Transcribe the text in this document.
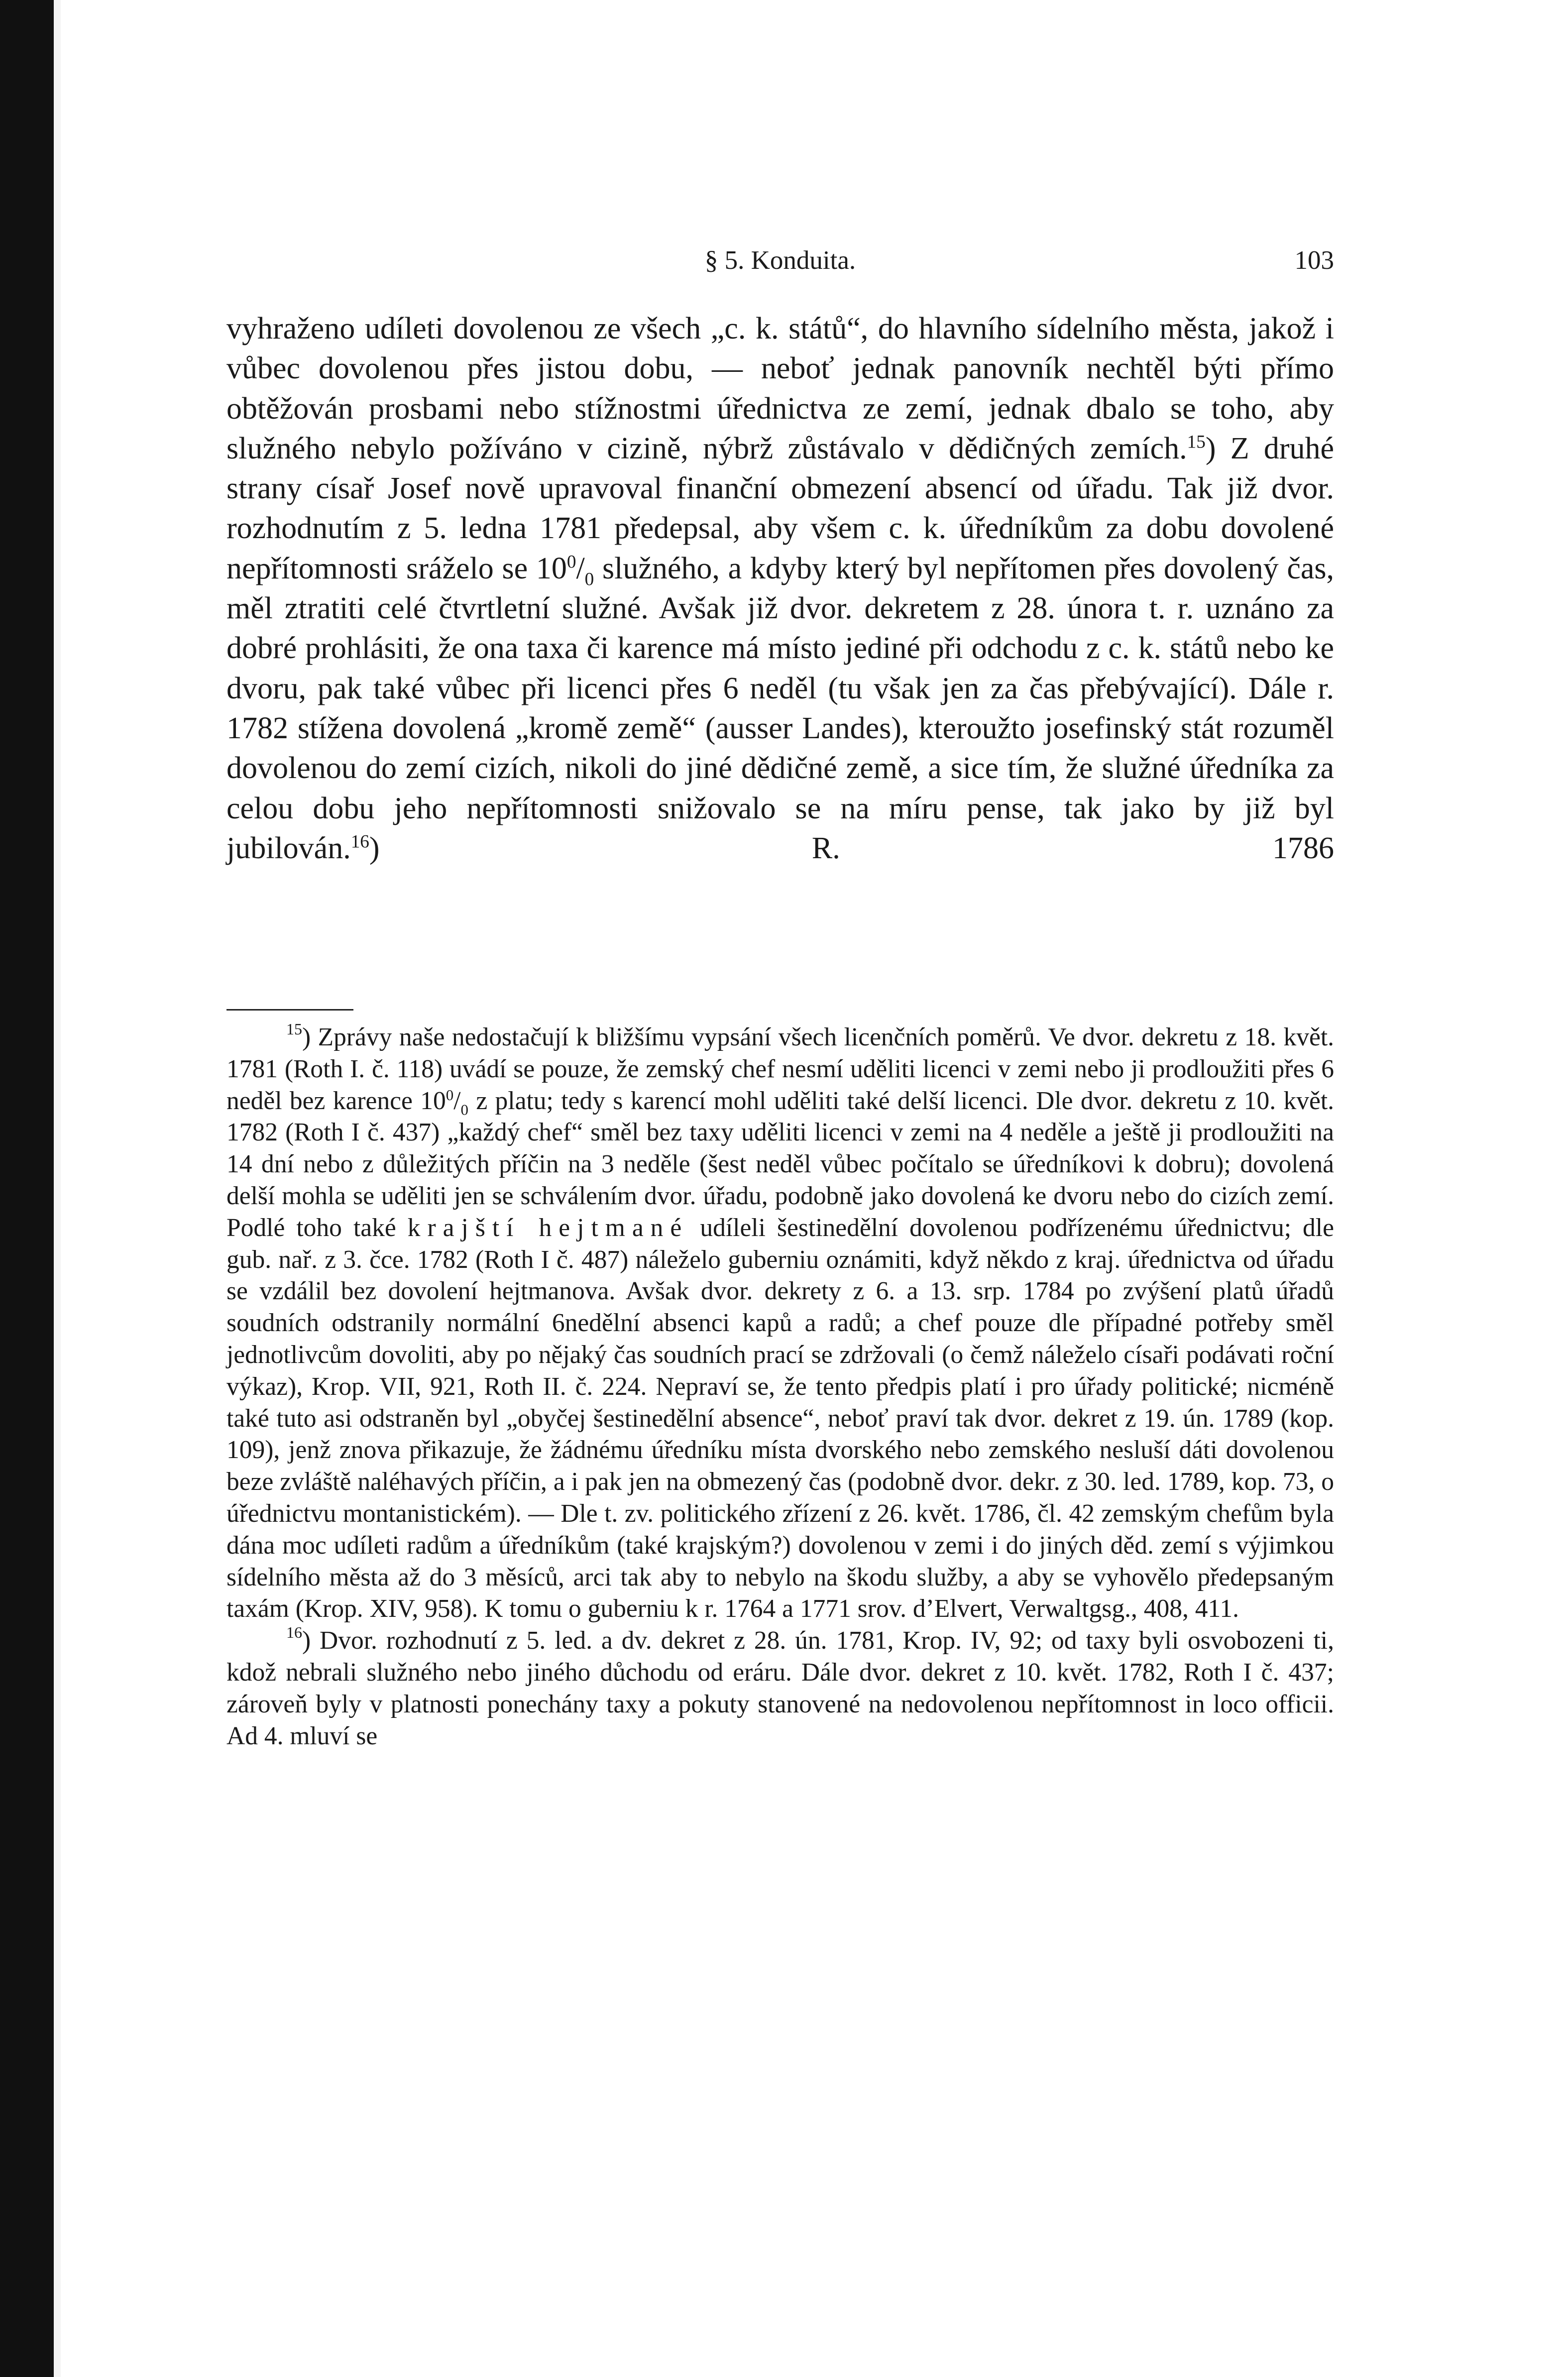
§ 5. Konduita.	103

vyhraženo udíleti dovolenou ze všech „c. k. států“, do hlavního sídelního města, jakož i vůbec dovolenou přes jistou dobu, — neboť jednak panovník nechtěl býti přímo obtěžován prosbami nebo stížnostmi úřednictva ze zemí, jednak dbalo se toho, aby služného nebylo požíváno v cizině, nýbrž zůstávalo v dědičných zemích.$^{15}$) Z druhé strany císař Josef nově upravoval finanční obmezení absencí od úřadu. Tak již dvor. rozhodnutím z 5. ledna 1781 předepsal, aby všem c. k. úředníkům za dobu dovolené nepřítomnosti sráželo se $10^0/_0$ služného, a kdyby který byl nepřítomen přes dovolený čas, měl ztratiti celé čtvrtletní služné. Avšak již dvor. dekretem z 28. února t. r. uznáno za dobré prohlásiti, že ona taxa či karence má místo jediné při odchodu z c. k. států nebo ke dvoru, pak také vůbec při licenci přes 6 neděl (tu však jen za čas přebývající). Dále r. 1782 stížena dovolená „kromě země“ (ausser Landes), kteroužto josefinský stát rozuměl dovolenou do zemí cizích, nikoli do jiné dědičné země, a sice tím, že služné úředníka za celou dobu jeho nepřítomnosti snižovalo se na míru pense, tak jako by již byl jubilován.$^{16}$) R. 1786

$^{15}$) Zprávy naše nedostačují k bližšímu vypsání všech licenčních poměrů. Ve dvor. dekretu z 18. květ. 1781 (Roth I. č. 118) uvádí se pouze, že zemský chef nesmí uděliti licenci v zemi nebo ji prodloužiti přes 6 neděl bez karence $10^0/_0$ z platu; tedy s karencí mohl uděliti také delší licenci. Dle dvor. dekretu z 10. květ. 1782 (Roth I č. 437) „každý chef“ směl bez taxy uděliti licenci v zemi na 4 neděle a ještě ji prodloužiti na 14 dní nebo z důležitých příčin na 3 neděle (šest neděl vůbec počítalo se úředníkovi k dobru); dovolená delší mohla se uděliti jen se schválením dvor. úřadu, podobně jako dovolená ke dvoru nebo do cizích zemí. Podlé toho také krajští hejtmané udíleli šestinedělní dovolenou podřízenému úřednictvu; dle gub. nař. z 3. čce. 1782 (Roth I č. 487) náleželo guberniu oznámiti, když někdo z kraj. úřednictva od úřadu se vzdálil bez dovolení hejtmanova. Avšak dvor. dekrety z 6. a 13. srp. 1784 po zvýšení platů úřadů soudních odstranily normální 6nedělní absenci kapů a radů; a chef pouze dle případné potřeby směl jednotlivcům dovoliti, aby po nějaký čas soudních prací se zdržovali (o čemž náleželo císaři podávati roční výkaz), Krop. VII, 921, Roth II. č. 224. Nepraví se, že tento předpis platí i pro úřady politické; nicméně také tuto asi odstraněn byl „obyčej šestinedělní absence“, neboť praví tak dvor. dekret z 19. ún. 1789 (kop. 109), jenž znova přikazuje, že žádnému úředníku místa dvorského nebo zemského nesluší dáti dovolenou beze zvláště naléhavých příčin, a i pak jen na obmezený čas (podobně dvor. dekr. z 30. led. 1789, kop. 73, o úřednictvu montanistickém). — Dle t. zv. politického zřízení z 26. květ. 1786, čl. 42 zemským chefům byla dána moc udíleti radům a úředníkům (také krajským?) dovolenou v zemi i do jiných děd. zemí s výjimkou sídelního města až do 3 měsíců, arci tak aby to nebylo na škodu služby, a aby se vyhovělo předepsaným taxám (Krop. XIV, 958). K tomu o guberniu k r. 1764 a 1771 srov. d’Elvert, Verwaltgsg., 408, 411.

$^{16}$) Dvor. rozhodnutí z 5. led. a dv. dekret z 28. ún. 1781, Krop. IV, 92; od taxy byli osvobozeni ti, kdož nebrali služného nebo jiného důchodu od eráru. Dále dvor. dekret z 10. květ. 1782, Roth I č. 437; zároveň byly v platnosti ponechány taxy a pokuty stanovené na nedovolenou nepřítomnost in loco officii. Ad 4. mluví se
